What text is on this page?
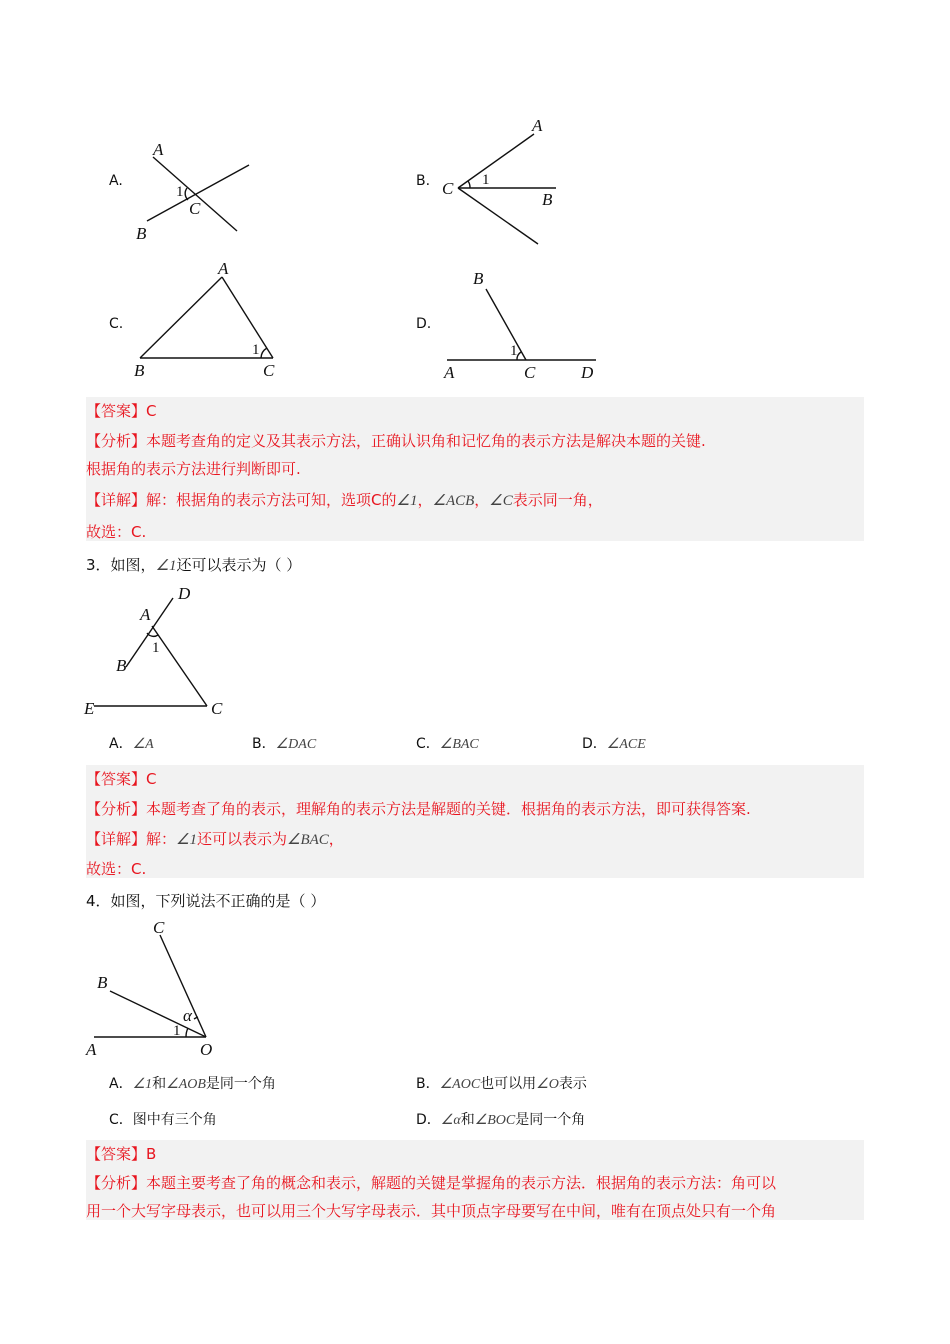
A.
A
B
C
1
B.
A
B
C 1
C.
A
B	C
1
D.
B
A	C	D
1
【答案】C
【分析】本题考查角的定义及其表示方法，正确认识角和记忆角的表示方法是解决本题的关键.
根据角的表示方法进行判断即可.
【详解】解：根据角的表示方法可知，选项C的∠1，∠ACB，∠C表示同一角，
故选：C.
3．如图，∠1还可以表示为（ ）
D
A
B
E	C
1
A．∠A	B．∠DAC	C．∠BAC	D．∠ACE
【答案】C
【分析】本题考查了角的表示，理解角的表示方法是解题的关键．根据角的表示方法，即可获得答案.
【详解】解：∠1还可以表示为∠BAC，
故选：C.
4．如图，下列说法不正确的是（ ）
C
B
A	O
1
α
A．∠1和∠AOB是同一个角	B．∠AOC也可以用∠O表示
C．图中有三个角	D．∠α和∠BOC是同一个角
【答案】B
【分析】本题主要考查了角的概念和表示，解题的关键是掌握角的表示方法．根据角的表示方法：角可以
用一个大写字母表示，也可以用三个大写字母表示．其中顶点字母要写在中间，唯有在顶点处只有一个角
